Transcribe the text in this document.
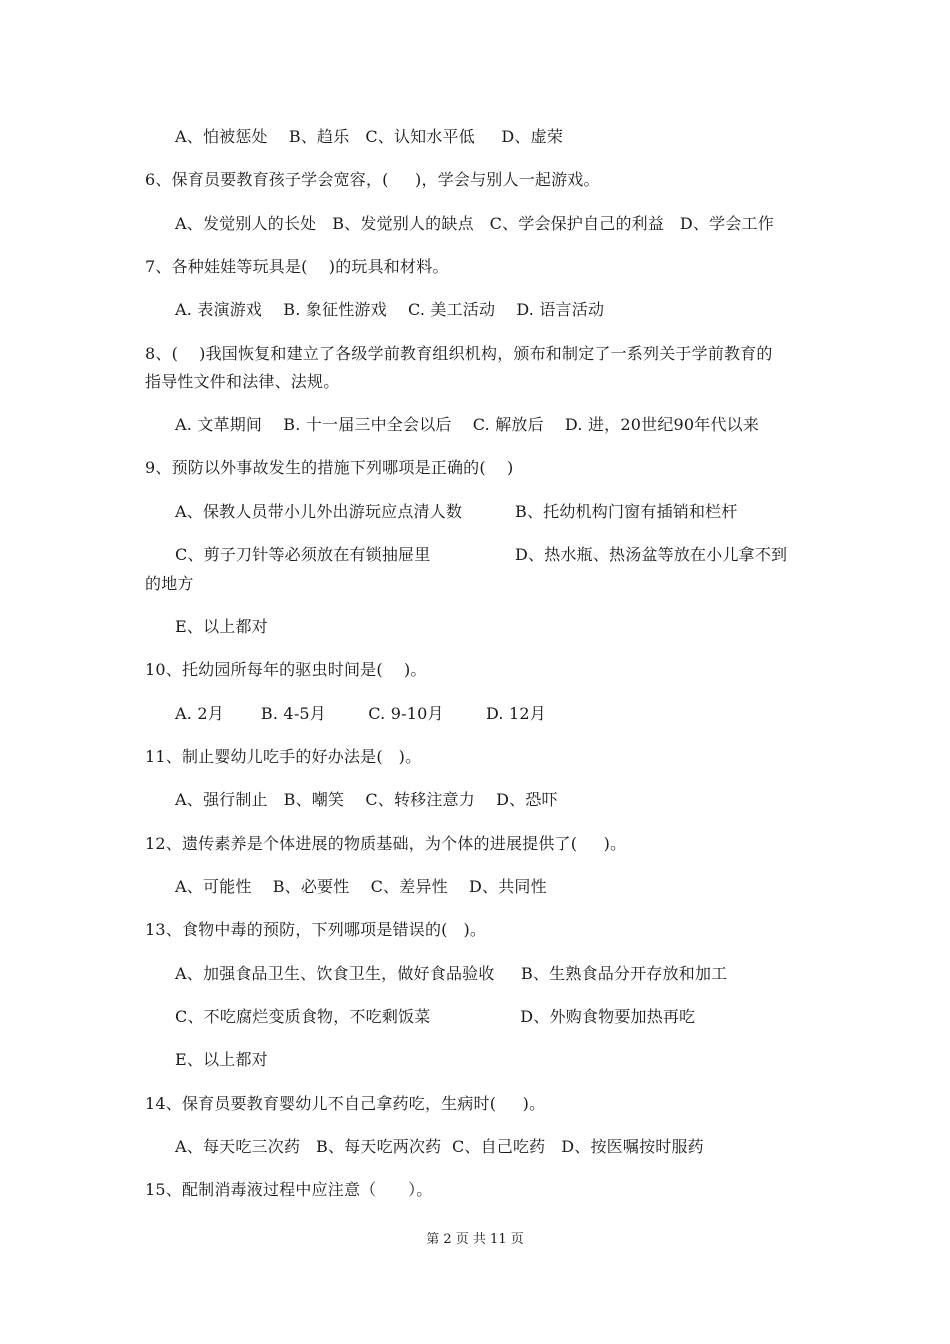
A、怕被惩处    B、趋乐   C、认知水平低     D、虚荣
6、保育员要教育孩子学会宽容，(     )，学会与别人一起游戏。
A、发觉别人的长处   B、发觉别人的缺点   C、学会保护自己的利益   D、学会工作
7、各种娃娃等玩具是(    )的玩具和材料。
A. 表演游戏    B. 象征性游戏    C. 美工活动    D. 语言活动
8、(    )我国恢复和建立了各级学前教育组织机构，颁布和制定了一系列关于学前教育的
指导性文件和法律、法规。
A. 文革期间    B. 十一届三中全会以后    C. 解放后    D. 进，20世纪90年代以来
9、预防以外事故发生的措施下列哪项是正确的(    )
A、保教人员带小儿外出游玩应点清人数          B、托幼机构门窗有插销和栏杆
C、剪子刀针等必须放在有锁抽屉里                D、热水瓶、热汤盆等放在小儿拿不到
的地方
E、以上都对
10、托幼园所每年的驱虫时间是(    )。
A. 2月       B. 4-5月        C. 9-10月        D. 12月
11、制止婴幼儿吃手的好办法是(   )。
A、强行制止   B、嘲笑    C、转移注意力    D、恐吓
12、遗传素养是个体进展的物质基础，为个体的进展提供了(     )。
A、可能性    B、必要性    C、差异性    D、共同性
13、食物中毒的预防，下列哪项是错误的(   )。
A、加强食品卫生、饮食卫生，做好食品验收     B、生熟食品分开存放和加工
C、不吃腐烂变质食物，不吃剩饭菜                 D、外购食物要加热再吃
E、以上都对
14、保育员要教育婴幼儿不自己拿药吃，生病时(     )。
A、每天吃三次药   B、每天吃两次药  C、自己吃药   D、按医嘱按时服药
15、配制消毒液过程中应注意（      ）。
第 2 页 共 11 页
